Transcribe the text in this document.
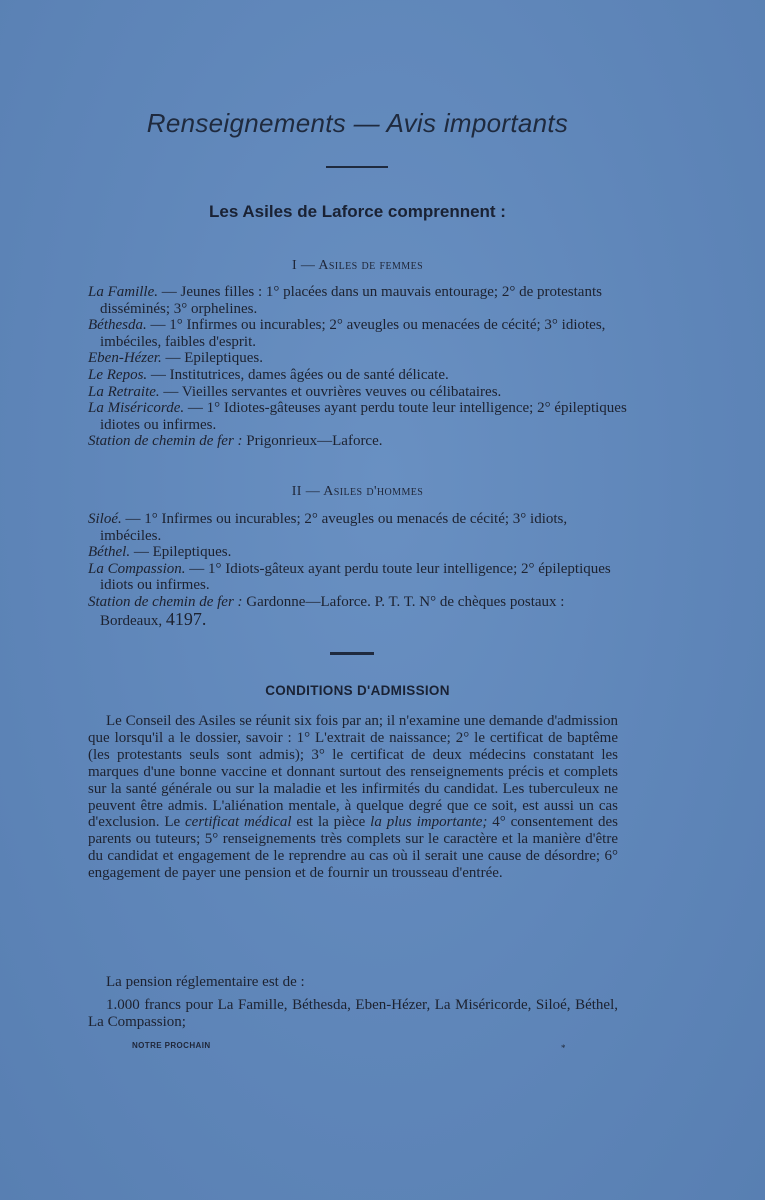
Renseignements — Avis importants
Les Asiles de Laforce comprennent :
I — Asiles de femmes

La Famille. — Jeunes filles : 1° placées dans un mauvais entourage; 2° de protestants disséminés; 3° orphelines.

Béthesda. — 1° Infirmes ou incurables; 2° aveugles ou menacées de cécité; 3° idiotes, imbéciles, faibles d'esprit.

Eben-Hézer. — Epileptiques.

Le Repos. — Institutrices, dames âgées ou de santé délicate.

La Retraite. — Vieilles servantes et ouvrières veuves ou célibataires.

La Miséricorde. — 1° Idiotes-gâteuses ayant perdu toute leur intelligence; 2° épileptiques idiotes ou infirmes.

Station de chemin de fer : Prigonrieux—Laforce.

II — Asiles d'hommes

Siloé. — 1° Infirmes ou incurables; 2° aveugles ou menacés de cécité; 3° idiots, imbéciles.

Béthel. — Epileptiques.

La Compassion. — 1° Idiots-gâteux ayant perdu toute leur intelligence; 2° épileptiques idiots ou infirmes.

Station de chemin de fer : Gardonne—Laforce. P. T. T. N° de chèques postaux : Bordeaux, 4197.

CONDITIONS D'ADMISSION

Le Conseil des Asiles se réunit six fois par an; il n'examine une demande d'admission que lorsqu'il a le dossier, savoir : 1° L'extrait de naissance; 2° le certificat de baptême (les protestants seuls sont admis); 3° le certificat de deux médecins constatant les marques d'une bonne vaccine et donnant surtout des renseignements précis et complets sur la santé générale ou sur la maladie et les infirmités du candidat. Les tuberculeux ne peuvent être admis. L'aliénation mentale, à quelque degré que ce soit, est aussi un cas d'exclusion. Le certificat médical est la pièce la plus importante; 4° consentement des parents ou tuteurs; 5° renseignements très complets sur le caractère et la manière d'être du candidat et engagement de le reprendre au cas où il serait une cause de désordre; 6° engagement de payer une pension et de fournir un trousseau d'entrée.

La pension réglementaire est de :

1.000 francs pour La Famille, Béthesda, Eben-Hézer, La Miséricorde, Siloé, Béthel, La Compassion;

NOTRE PROCHAIN	*
